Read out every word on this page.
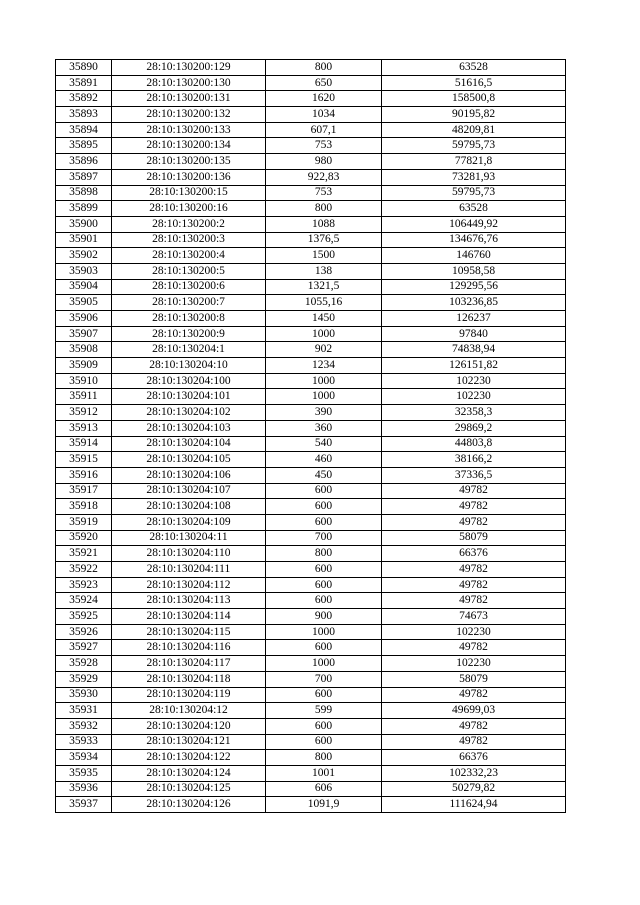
35890	28:10:130200:129	800	63528
35891	28:10:130200:130	650	51616,5
35892	28:10:130200:131	1620	158500,8
35893	28:10:130200:132	1034	90195,82
35894	28:10:130200:133	607,1	48209,81
35895	28:10:130200:134	753	59795,73
35896	28:10:130200:135	980	77821,8
35897	28:10:130200:136	922,83	73281,93
35898	28:10:130200:15	753	59795,73
35899	28:10:130200:16	800	63528
35900	28:10:130200:2	1088	106449,92
35901	28:10:130200:3	1376,5	134676,76
35902	28:10:130200:4	1500	146760
35903	28:10:130200:5	138	10958,58
35904	28:10:130200:6	1321,5	129295,56
35905	28:10:130200:7	1055,16	103236,85
35906	28:10:130200:8	1450	126237
35907	28:10:130200:9	1000	97840
35908	28:10:130204:1	902	74838,94
35909	28:10:130204:10	1234	126151,82
35910	28:10:130204:100	1000	102230
35911	28:10:130204:101	1000	102230
35912	28:10:130204:102	390	32358,3
35913	28:10:130204:103	360	29869,2
35914	28:10:130204:104	540	44803,8
35915	28:10:130204:105	460	38166,2
35916	28:10:130204:106	450	37336,5
35917	28:10:130204:107	600	49782
35918	28:10:130204:108	600	49782
35919	28:10:130204:109	600	49782
35920	28:10:130204:11	700	58079
35921	28:10:130204:110	800	66376
35922	28:10:130204:111	600	49782
35923	28:10:130204:112	600	49782
35924	28:10:130204:113	600	49782
35925	28:10:130204:114	900	74673
35926	28:10:130204:115	1000	102230
35927	28:10:130204:116	600	49782
35928	28:10:130204:117	1000	102230
35929	28:10:130204:118	700	58079
35930	28:10:130204:119	600	49782
35931	28:10:130204:12	599	49699,03
35932	28:10:130204:120	600	49782
35933	28:10:130204:121	600	49782
35934	28:10:130204:122	800	66376
35935	28:10:130204:124	1001	102332,23
35936	28:10:130204:125	606	50279,82
35937	28:10:130204:126	1091,9	111624,94
